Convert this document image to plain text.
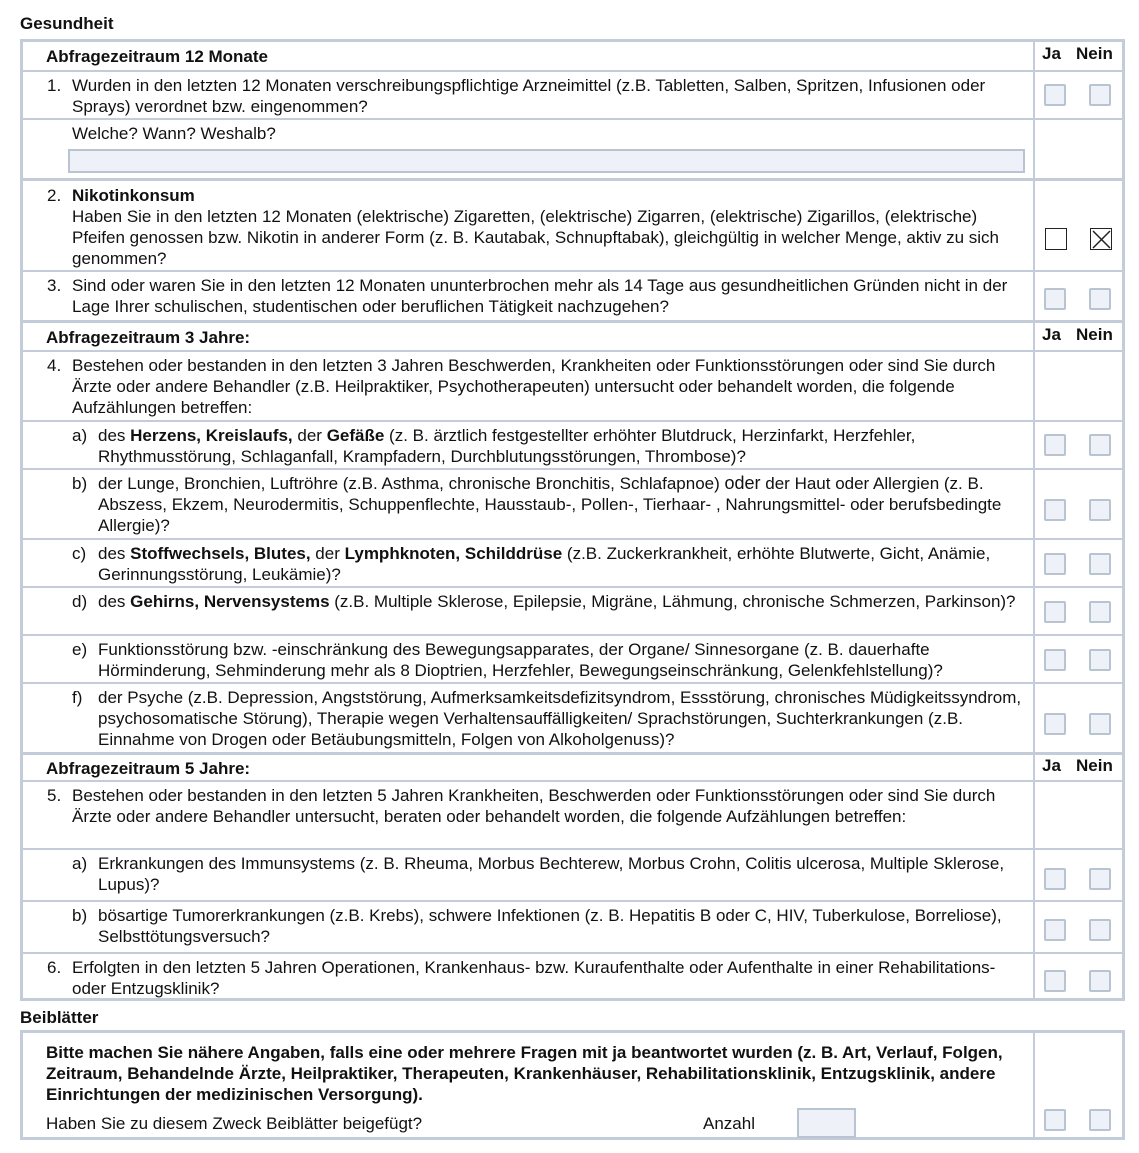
Gesundheit
Abfragezeitraum 12 Monate	Ja Nein
1. Wurden in den letzten 12 Monaten verschreibungspflichtige Arzneimittel (z.B. Tabletten, Salben, Spritzen, Infusionen oder Sprays) verordnet bzw. eingenommen?
Welche? Wann? Weshalb?
2. Nikotinkonsum
Haben Sie in den letzten 12 Monaten (elektrische) Zigaretten, (elektrische) Zigarren, (elektrische) Zigarillos, (elektrische) Pfeifen genossen bzw. Nikotin in anderer Form (z. B. Kautabak, Schnupftabak), gleichgültig in welcher Menge, aktiv zu sich genommen?
3. Sind oder waren Sie in den letzten 12 Monaten ununterbrochen mehr als 14 Tage aus gesundheitlichen Gründen nicht in der Lage Ihrer schulischen, studentischen oder beruflichen Tätigkeit nachzugehen?
Abfragezeitraum 3 Jahre:	Ja Nein
4. Bestehen oder bestanden in den letzten 3 Jahren Beschwerden, Krankheiten oder Funktionsstörungen oder sind Sie durch Ärzte oder andere Behandler (z.B. Heilpraktiker, Psychotherapeuten) untersucht oder behandelt worden, die folgende Aufzählungen betreffen:
a) des Herzens, Kreislaufs, der Gefäße (z. B. ärztlich festgestellter erhöhter Blutdruck, Herzinfarkt, Herzfehler, Rhythmusstörung, Schlaganfall, Krampfadern, Durchblutungsstörungen, Thrombose)?
b) der Lunge, Bronchien, Luftröhre (z.B. Asthma, chronische Bronchitis, Schlafapnoe) oder der Haut oder Allergien (z. B. Abszess, Ekzem, Neurodermitis, Schuppenflechte, Hausstaub-, Pollen-, Tierhaar- , Nahrungsmittel- oder berufsbedingte Allergie)?
c) des Stoffwechsels, Blutes, der Lymphknoten, Schilddrüse (z.B. Zuckerkrankheit, erhöhte Blutwerte, Gicht, Anämie, Gerinnungsstörung, Leukämie)?
d) des Gehirns, Nervensystems (z.B. Multiple Sklerose, Epilepsie, Migräne, Lähmung, chronische Schmerzen, Parkinson)?
e) Funktionsstörung bzw. -einschränkung des Bewegungsapparates, der Organe/ Sinnesorgane (z. B. dauerhafte Hörminderung, Sehminderung mehr als 8 Dioptrien, Herzfehler, Bewegungseinschränkung, Gelenkfehlstellung)?
f) der Psyche (z.B. Depression, Angststörung, Aufmerksamkeitsdefizitsyndrom, Essstörung, chronisches Müdigkeitssyndrom, psychosomatische Störung), Therapie wegen Verhaltensauffälligkeiten/ Sprachstörungen, Suchterkrankungen (z.B. Einnahme von Drogen oder Betäubungsmitteln, Folgen von Alkoholgenuss)?
Abfragezeitraum 5 Jahre:	Ja Nein
5. Bestehen oder bestanden in den letzten 5 Jahren Krankheiten, Beschwerden oder Funktionsstörungen oder sind Sie durch Ärzte oder andere Behandler untersucht, beraten oder behandelt worden, die folgende Aufzählungen betreffen:
a) Erkrankungen des Immunsystems (z. B. Rheuma, Morbus Bechterew, Morbus Crohn, Colitis ulcerosa, Multiple Sklerose, Lupus)?
b) bösartige Tumorerkrankungen (z.B. Krebs), schwere Infektionen (z. B. Hepatitis B oder C, HIV, Tuberkulose, Borreliose), Selbsttötungsversuch?
6. Erfolgten in den letzten 5 Jahren Operationen, Krankenhaus- bzw. Kuraufenthalte oder Aufenthalte in einer Rehabilitations- oder Entzugsklinik?
Beiblätter
Bitte machen Sie nähere Angaben, falls eine oder mehrere Fragen mit ja beantwortet wurden (z. B. Art, Verlauf, Folgen, Zeitraum, Behandelnde Ärzte, Heilpraktiker, Therapeuten, Krankenhäuser, Rehabilitationsklinik, Entzugsklinik, andere Einrichtungen der medizinischen Versorgung).
Haben Sie zu diesem Zweck Beiblätter beigefügt?	Anzahl
